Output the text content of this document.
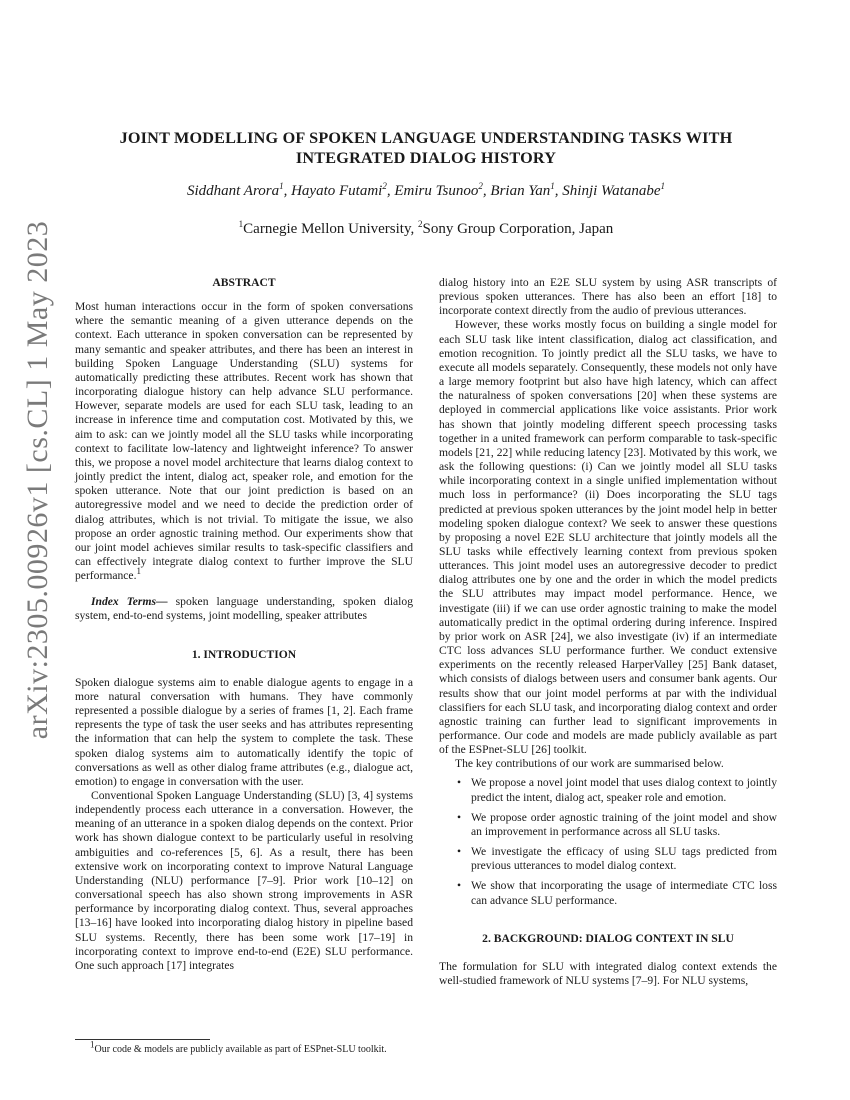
arXiv:2305.00926v1 [cs.CL] 1 May 2023
JOINT MODELLING OF SPOKEN LANGUAGE UNDERSTANDING TASKS WITH INTEGRATED DIALOG HISTORY
Siddhant Arora$^1$, Hayato Futami$^2$, Emiru Tsunoo$^2$, Brian Yan$^1$, Shinji Watanabe$^1$
$^1$Carnegie Mellon University, $^2$Sony Group Corporation, Japan
ABSTRACT

Most human interactions occur in the form of spoken conversations where the semantic meaning of a given utterance depends on the context. Each utterance in spoken conversation can be represented by many semantic and speaker attributes, and there has been an interest in building Spoken Language Understanding (SLU) systems for automatically predicting these attributes. Recent work has shown that incorporating dialogue history can help advance SLU performance. However, separate models are used for each SLU task, leading to an increase in inference time and computation cost. Motivated by this, we aim to ask: can we jointly model all the SLU tasks while incorporating context to facilitate low-latency and lightweight inference? To answer this, we propose a novel model architecture that learns dialog context to jointly predict the intent, dialog act, speaker role, and emotion for the spoken utterance. Note that our joint prediction is based on an autoregressive model and we need to decide the prediction order of dialog attributes, which is not trivial. To mitigate the issue, we also propose an order agnostic training method. Our experiments show that our joint model achieves similar results to task-specific classifiers and can effectively integrate dialog context to further improve the SLU performance.$^1$

Index Terms— spoken language understanding, spoken dialog system, end-to-end systems, joint modelling, speaker attributes

1. INTRODUCTION

Spoken dialogue systems aim to enable dialogue agents to engage in a more natural conversation with humans. They have commonly represented a possible dialogue by a series of frames [1, 2]. Each frame represents the type of task the user seeks and has attributes representing the information that can help the system to complete the task. These spoken dialog systems aim to automatically identify the topic of conversations as well as other dialog frame attributes (e.g., dialogue act, emotion) to engage in conversation with the user.

Conventional Spoken Language Understanding (SLU) [3, 4] systems independently process each utterance in a conversation. However, the meaning of an utterance in a spoken dialog depends on the context. Prior work has shown dialogue context to be particularly useful in resolving ambiguities and co-references [5, 6]. As a result, there has been extensive work on incorporating context to improve Natural Language Understanding (NLU) performance [7–9]. Prior work [10–12] on conversational speech has also shown strong improvements in ASR performance by incorporating dialog context. Thus, several approaches [13–16] have looked into incorporating dialog history in pipeline based SLU systems. Recently, there has been some work [17–19] in incorporating context to improve end-to-end (E2E) SLU performance. One such approach [17] integrates

dialog history into an E2E SLU system by using ASR transcripts of previous spoken utterances. There has also been an effort [18] to incorporate context directly from the audio of previous utterances.

However, these works mostly focus on building a single model for each SLU task like intent classification, dialog act classification, and emotion recognition. To jointly predict all the SLU tasks, we have to execute all models separately. Consequently, these models not only have a large memory footprint but also have high latency, which can affect the naturalness of spoken conversations [20] when these systems are deployed in commercial applications like voice assistants. Prior work has shown that jointly modeling different speech processing tasks together in a united framework can perform comparable to task-specific models [21, 22] while reducing latency [23]. Motivated by this work, we ask the following questions: (i) Can we jointly model all SLU tasks while incorporating context in a single unified implementation without much loss in performance? (ii) Does incorporating the SLU tags predicted at previous spoken utterances by the joint model help in better modeling spoken dialogue context? We seek to answer these questions by proposing a novel E2E SLU architecture that jointly models all the SLU tasks while effectively learning context from previous spoken utterances. This joint model uses an autoregressive decoder to predict dialog attributes one by one and the order in which the model predicts the SLU attributes may impact model performance. Hence, we investigate (iii) if we can use order agnostic training to make the model automatically predict in the optimal ordering during inference. Inspired by prior work on ASR [24], we also investigate (iv) if an intermediate CTC loss advances SLU performance further. We conduct extensive experiments on the recently released HarperValley [25] Bank dataset, which consists of dialogs between users and consumer bank agents. Our results show that our joint model performs at par with the individual classifiers for each SLU task, and incorporating dialog context and order agnostic training can further lead to significant improvements in performance. Our code and models are made publicly available as part of the ESPnet-SLU [26] toolkit.

The key contributions of our work are summarised below.

• We propose a novel joint model that uses dialog context to jointly predict the intent, dialog act, speaker role and emotion.
• We propose order agnostic training of the joint model and show an improvement in performance across all SLU tasks.
• We investigate the efficacy of using SLU tags predicted from previous utterances to model dialog context.
• We show that incorporating the usage of intermediate CTC loss can advance SLU performance.
2. BACKGROUND: DIALOG CONTEXT IN SLU

The formulation for SLU with integrated dialog context extends the well-studied framework of NLU systems [7–9]. For NLU systems,

$^1$Our code & models are publicly available as part of ESPnet-SLU toolkit.
